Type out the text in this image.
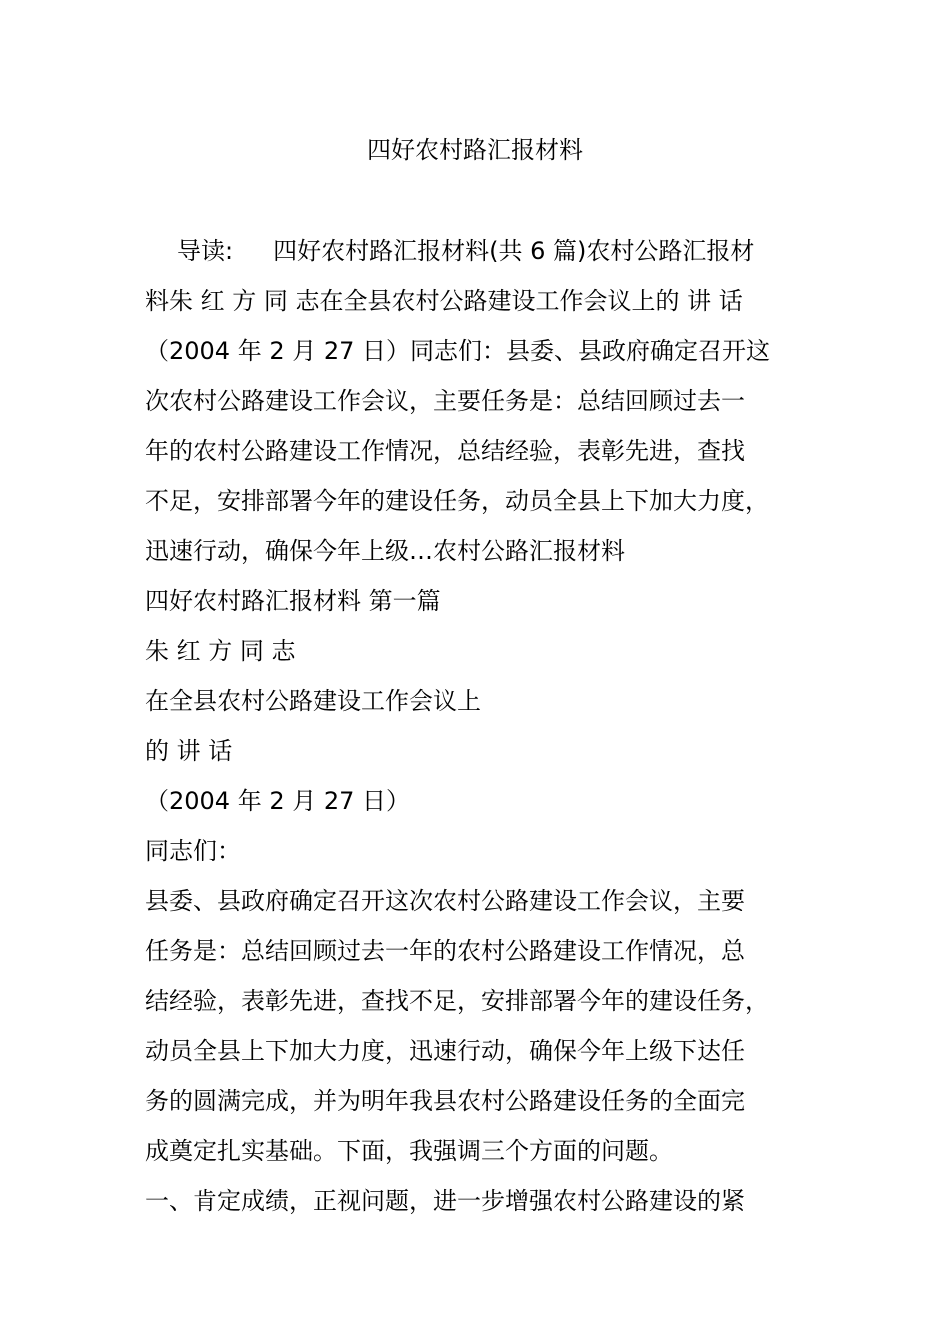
四好农村路汇报材料
导读: 四好农村路汇报材料(共 6 篇)农村公路汇报材
料朱 红 方 同 志在全县农村公路建设工作会议上的 讲 话
（2004 年 2 月 27 日）同志们：县委、县政府确定召开这
次农村公路建设工作会议，主要任务是：总结回顾过去一
年的农村公路建设工作情况，总结经验，表彰先进，查找
不足，安排部署今年的建设任务，动员全县上下加大力度，
迅速行动，确保今年上级…农村公路汇报材料
四好农村路汇报材料 第一篇
朱 红 方 同 志
在全县农村公路建设工作会议上
的 讲 话
（2004 年 2 月 27 日）
同志们：
县委、县政府确定召开这次农村公路建设工作会议，主要
任务是：总结回顾过去一年的农村公路建设工作情况，总
结经验，表彰先进，查找不足，安排部署今年的建设任务，
动员全县上下加大力度，迅速行动，确保今年上级下达任
务的圆满完成，并为明年我县农村公路建设任务的全面完
成奠定扎实基础。下面，我强调三个方面的问题。
一、肯定成绩，正视问题，进一步增强农村公路建设的紧
